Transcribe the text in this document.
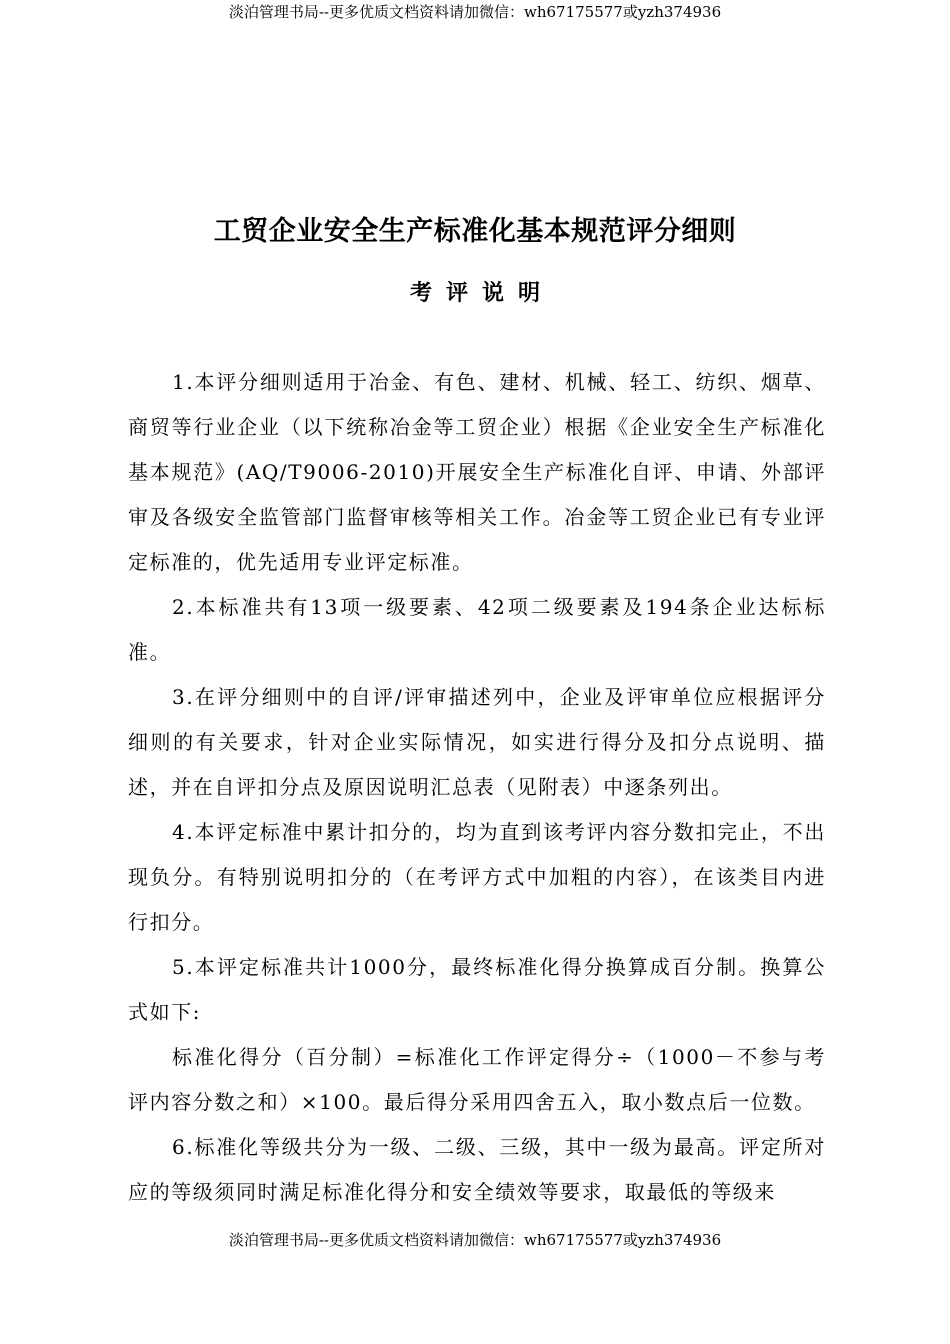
淡泊管理书局--更多优质文档资料请加微信：wh67175577或yzh374936
工贸企业安全生产标准化基本规范评分细则
考评说明

1.本评分细则适用于冶金、有色、建材、机械、轻工、纺织、烟草、商贸等行业企业（以下统称冶金等工贸企业）根据《企业安全生产标准化基本规范》(AQ/T9006-2010)开展安全生产标准化自评、申请、外部评审及各级安全监管部门监督审核等相关工作。冶金等工贸企业已有专业评定标准的，优先适用专业评定标准。

2.本标准共有13项一级要素、42项二级要素及194条企业达标标准。

3.在评分细则中的自评/评审描述列中，企业及评审单位应根据评分细则的有关要求，针对企业实际情况，如实进行得分及扣分点说明、描述，并在自评扣分点及原因说明汇总表（见附表）中逐条列出。

4.本评定标准中累计扣分的，均为直到该考评内容分数扣完止，不出现负分。有特别说明扣分的（在考评方式中加粗的内容），在该类目内进行扣分。

5.本评定标准共计1000分，最终标准化得分换算成百分制。换算公式如下:

标准化得分（百分制）=标准化工作评定得分÷（1000－不参与考评内容分数之和）×100。最后得分采用四舍五入，取小数点后一位数。

6.标准化等级共分为一级、二级、三级，其中一级为最高。评定所对应的等级须同时满足标准化得分和安全绩效等要求，取最低的等级来

淡泊管理书局--更多优质文档资料请加微信：wh67175577或yzh374936
